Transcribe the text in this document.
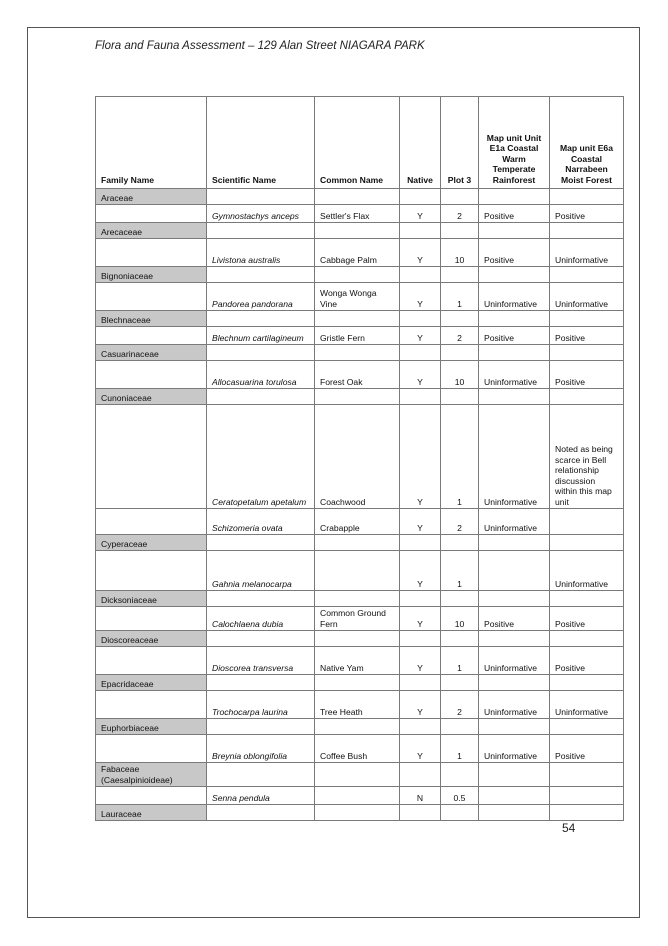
Flora and Fauna Assessment – 129 Alan Street NIAGARA PARK
Family Name	Scientific Name	Common Name	Native	Plot 3	Map unit Unit E1a Coastal Warm Temperate Rainforest	Map unit E6a Coastal Narrabeen Moist Forest
Araceae						
	Gymnostachys anceps	Settler's Flax	Y	2	Positive	Positive
Arecaceae						
	Livistona australis	Cabbage Palm	Y	10	Positive	Uninformative
Bignoniaceae						
	Pandorea pandorana	Wonga Wonga Vine	Y	1	Uninformative	Uninformative
Blechnaceae						
	Blechnum cartilagineum	Gristle Fern	Y	2	Positive	Positive
Casuarinaceae						
	Allocasuarina torulosa	Forest Oak	Y	10	Uninformative	Positive
Cunoniaceae						
	Ceratopetalum apetalum	Coachwood	Y	1	Uninformative	Noted as being scarce in Bell relationship discussion within this map unit
	Schizomeria ovata	Crabapple	Y	2	Uninformative	
Cyperaceae						
	Gahnia melanocarpa		Y	1		Uninformative
Dicksoniaceae						
	Calochlaena dubia	Common Ground Fern	Y	10	Positive	Positive
Dioscoreaceae						
	Dioscorea transversa	Native Yam	Y	1	Uninformative	Positive
Epacridaceae						
	Trochocarpa laurina	Tree Heath	Y	2	Uninformative	Uninformative
Euphorbiaceae						
	Breynia oblongifolia	Coffee Bush	Y	1	Uninformative	Positive
Fabaceae (Caesalpinioideae)						
	Senna pendula		N	0.5		
Lauraceae						
54
